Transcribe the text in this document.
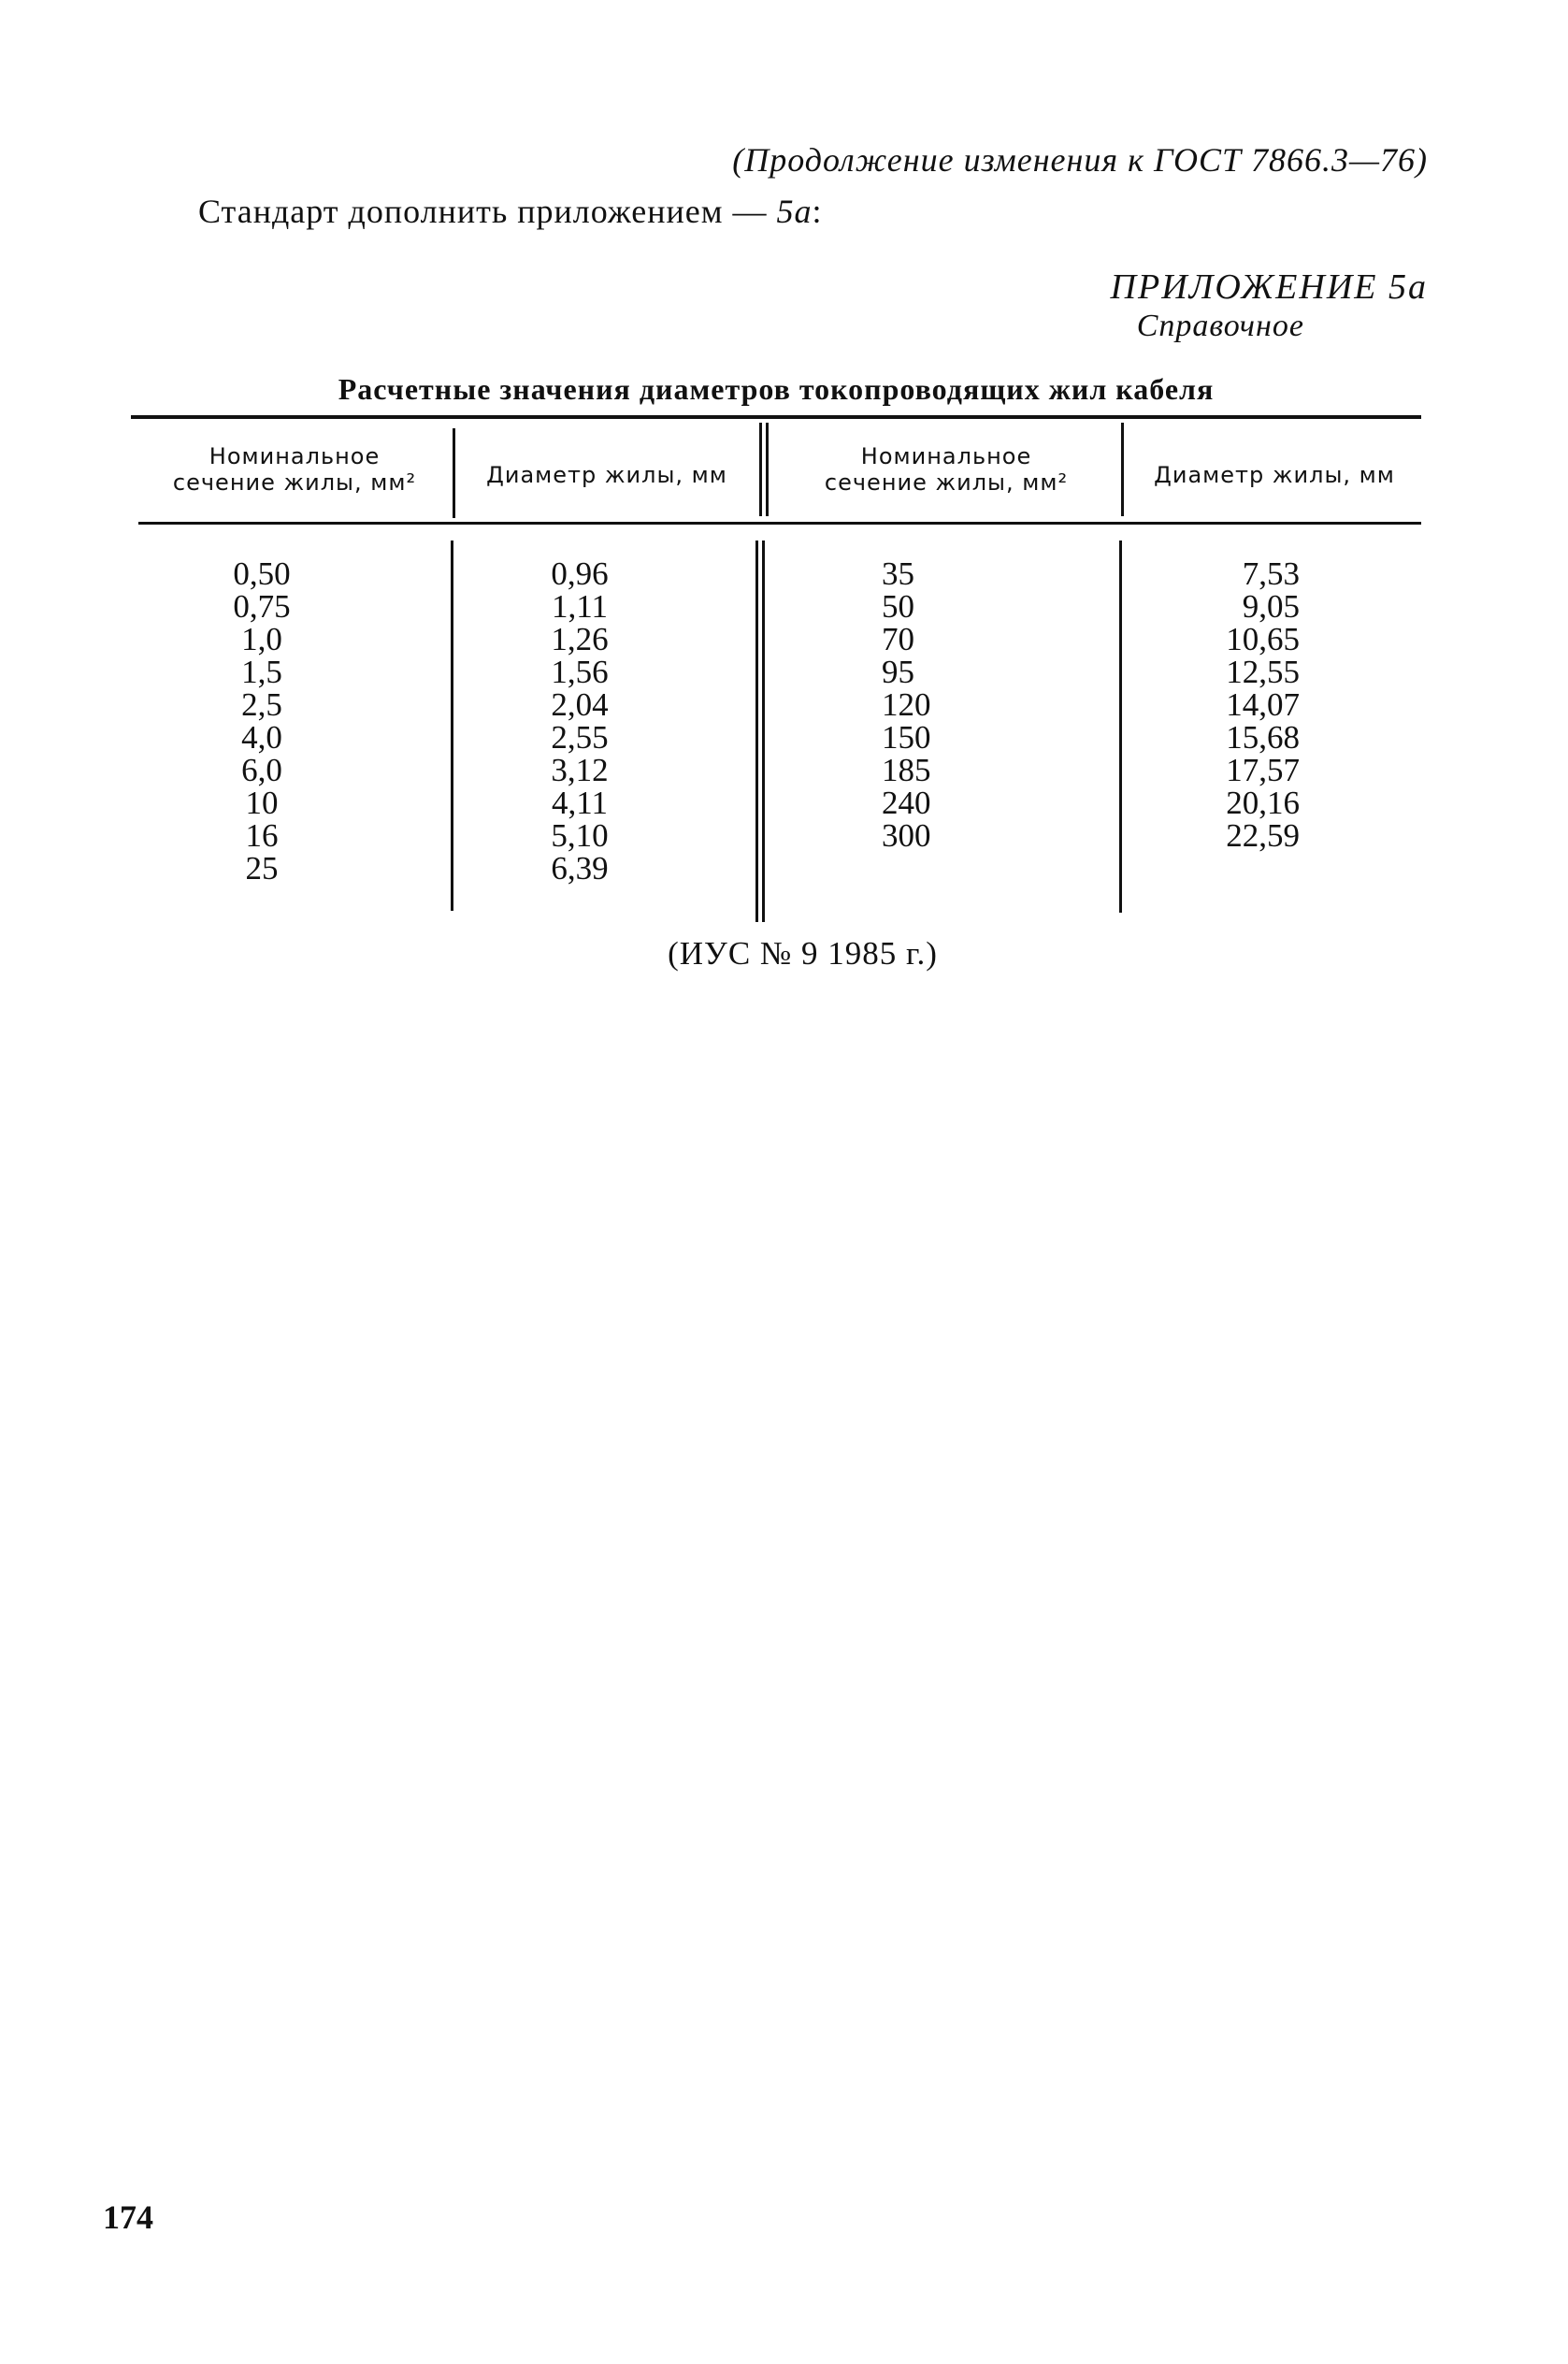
(Продолжение изменения к ГОСТ 7866.3—76)
Стандарт дополнить приложением — 5а:
ПРИЛОЖЕНИЕ 5а
Справочное
Расчетные значения диаметров токопроводящих жил кабеля
Номинальное
сечение жилы, мм²	Диаметр жилы, мм
Номинальное
сечение жилы, мм²	Диаметр жилы, мм
0,50
0,75
1,0
1,5
2,5
4,0
6,0
10
16
25
0,96
1,11
1,26
1,56
2,04
2,55
3,12
4,11
5,10
6,39
35
50
70
95
120
150
185
240
300
7,53
9,05
10,65
12,55
14,07
15,68
17,57
20,16
22,59
(ИУС № 9 1985 г.)
174
